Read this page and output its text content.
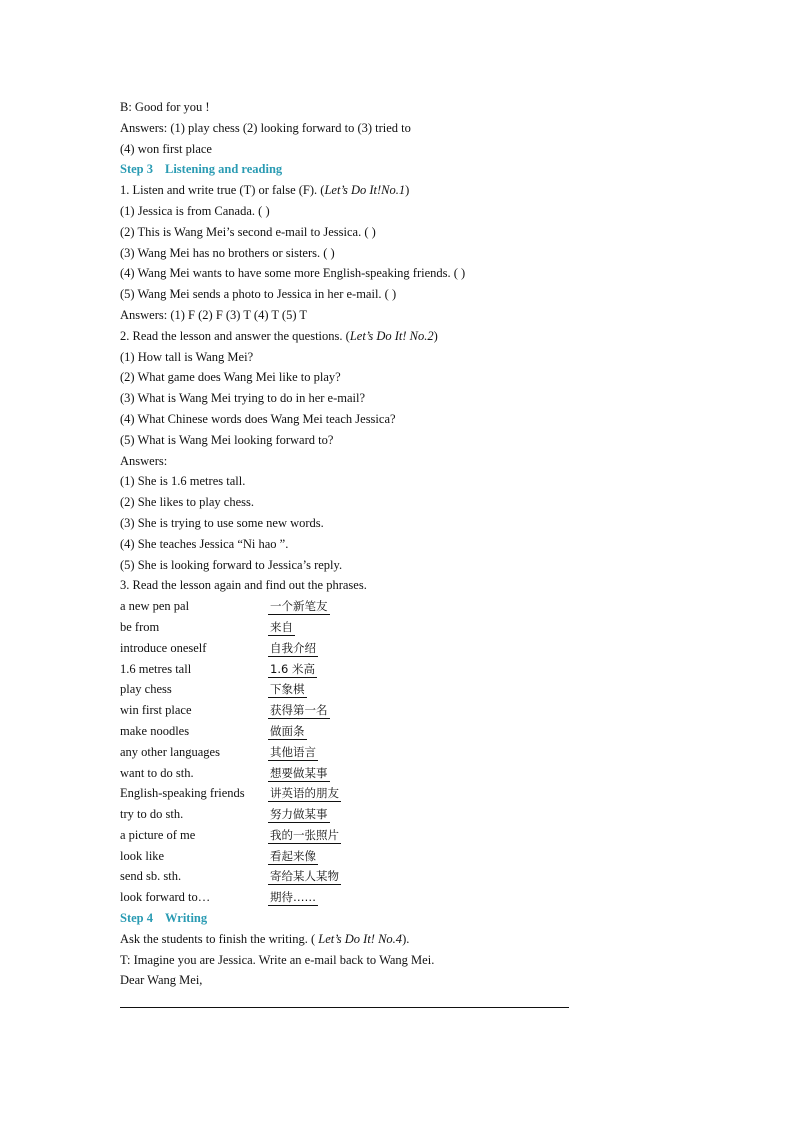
B: Good for you !
Answers: (1) play chess (2) looking forward to (3) tried to
(4) won first place
Step 3 Listening and reading
1. Listen and write true (T) or false (F). (Let’s Do It!No.1)
(1) Jessica is from Canada. ( )
(2) This is Wang Mei’s second e-mail to Jessica. ( )
(3) Wang Mei has no brothers or sisters. ( )
(4) Wang Mei wants to have some more English-speaking friends. ( )
(5) Wang Mei sends a photo to Jessica in her e-mail. ( )
Answers: (1) F (2) F (3) T (4) T (5) T
2. Read the lesson and answer the questions. (Let’s Do It! No.2)
(1) How tall is Wang Mei?
(2) What game does Wang Mei like to play?
(3) What is Wang Mei trying to do in her e-mail?
(4) What Chinese words does Wang Mei teach Jessica?
(5) What is Wang Mei looking forward to?
Answers:
(1) She is 1.6 metres tall.
(2) She likes to play chess.
(3) She is trying to use some new words.
(4) She teaches Jessica “Ni hao ”.
(5) She is looking forward to Jessica’s reply.
3. Read the lesson again and find out the phrases.
a new pen pal	一个新笔友
be from	来自
introduce oneself	自我介绍
1.6 metres tall	1.6 米高
play chess	下象棋
win first place	获得第一名
make noodles	做面条
any other languages	其他语言
want to do sth.	想要做某事
English-speaking friends	讲英语的朋友
try to do sth.	努力做某事
a picture of me	我的一张照片
look like	看起来像
send sb. sth.	寄给某人某物
look forward to…	期待……
Step 4 Writing
Ask the students to finish the writing. ( Let’s Do It! No.4).
T: Imagine you are Jessica. Write an e-mail back to Wang Mei.
Dear Wang Mei,
